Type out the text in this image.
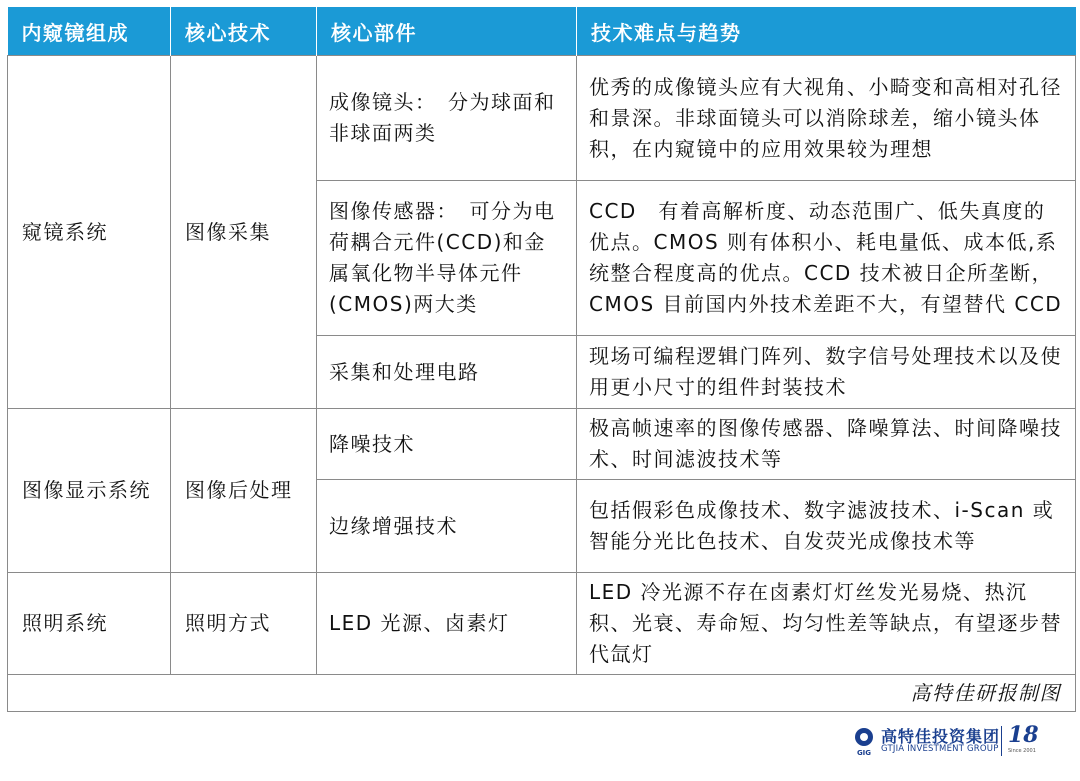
内窥镜组成	核心技术	核心部件	技术难点与趋势
窥镜系统	图像采集	成像镜头：　分为球面和非球面两类	优秀的成像镜头应有大视角、小畸变和高相对孔径和景深。非球面镜头可以消除球差，缩小镜头体积，在内窥镜中的应用效果较为理想
		图像传感器：　可分为电荷耦合元件(CCD)和金属氧化物半导体元件 (CMOS)两大类	CCD　有着高解析度、动态范围广、低失真度的优点。CMOS 则有体积小、耗电量低、成本低,系统整合程度高的优点。CCD 技术被日企所垄断，CMOS 目前国内外技术差距不大，有望替代 CCD
		采集和处理电路	现场可编程逻辑门阵列、数字信号处理技术以及使用更小尺寸的组件封装技术
图像显示系统	图像后处理	降噪技术	极高帧速率的图像传感器、降噪算法、时间降噪技术、时间滤波技术等
		边缘增强技术	包括假彩色成像技术、数字滤波技术、i-Scan 或智能分光比色技术、自发荧光成像技术等
照明系统	照明方式	LED 光源、卤素灯	LED 冷光源不存在卤素灯灯丝发光易烧、热沉积、光衰、寿命短、均匀性差等缺点，有望逐步替代氙灯
高特佳研报制图			
GIG
高特佳投资集团
GTJIA INVESTMENT GROUP
18
Since 2001
